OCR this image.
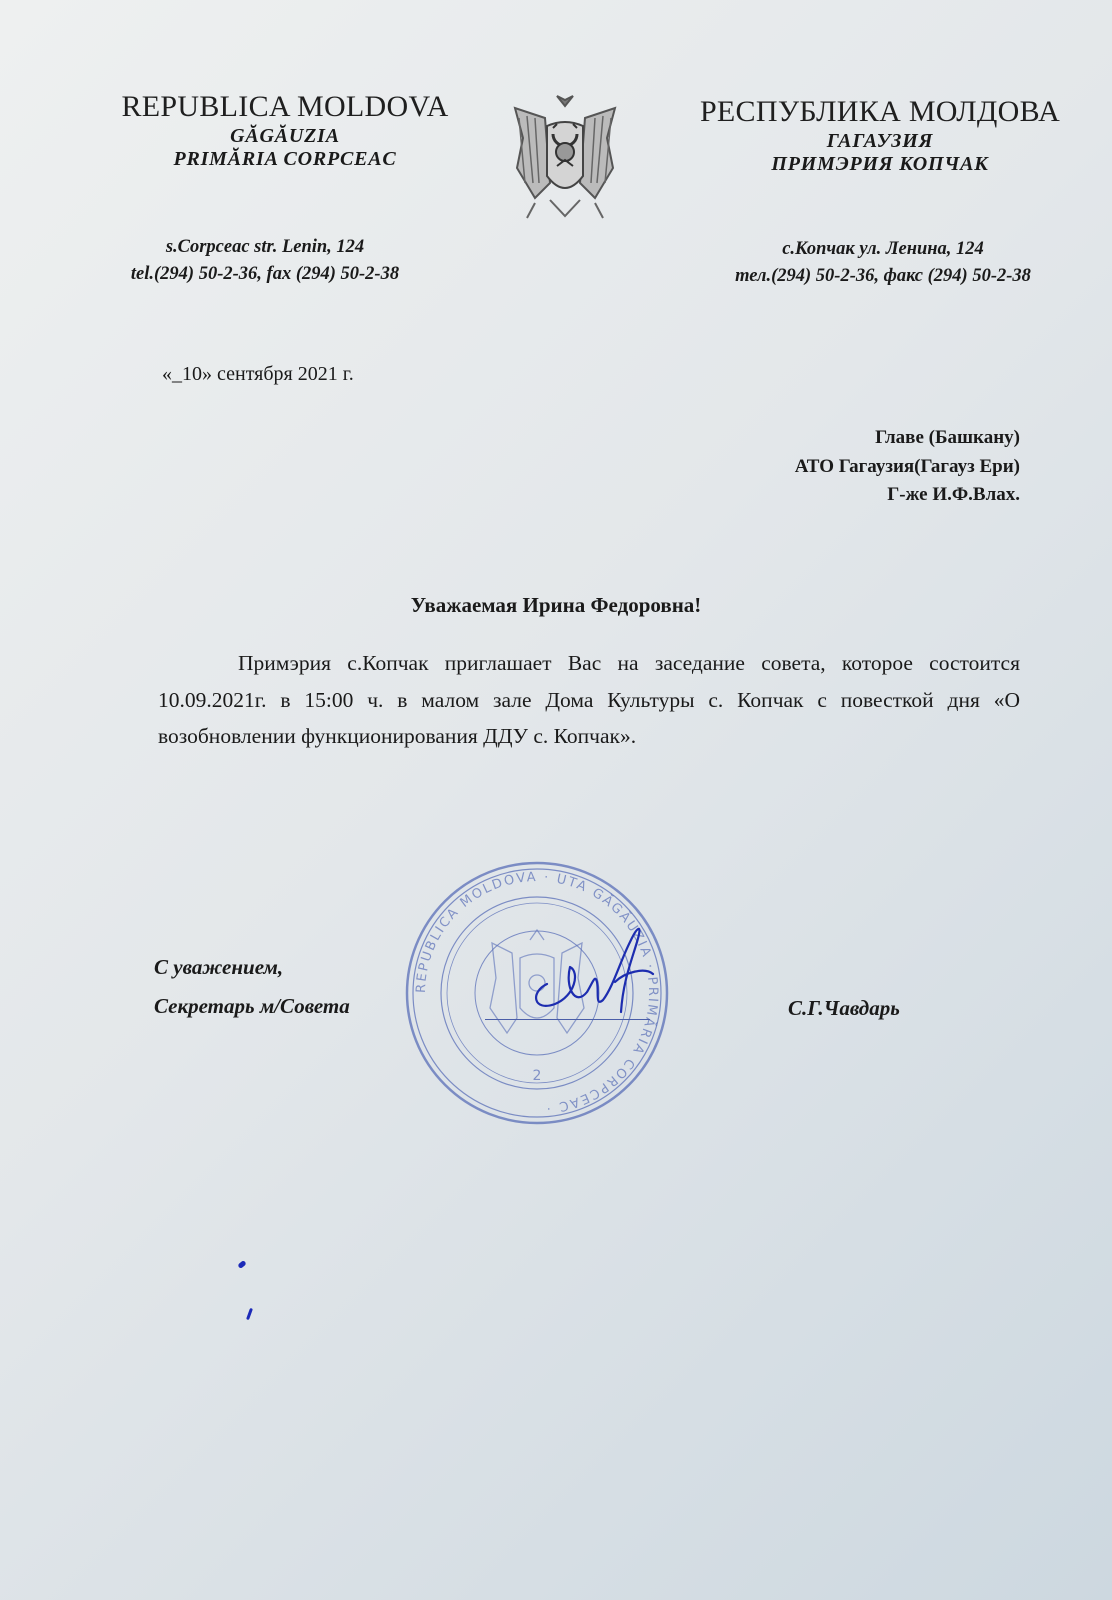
REPUBLICA MOLDOVA
GĂGĂUZIA
PRIMĂRIA CORPCEAC
РЕСПУБЛИКА МОЛДОВА
ГАГАУЗИЯ
ПРИМЭРИЯ КОПЧАК
s.Corpceac str. Lenin, 124
tel.(294) 50-2-36, fax (294) 50-2-38
с.Копчак ул. Ленина, 124
тел.(294) 50-2-36, факс (294) 50-2-38
«_10» сентября 2021 г.
Главе (Башкану)
АТО Гагаузия(Гагауз Ери)
Г-же И.Ф.Влах.
Уважаемая Ирина Федоровна!
Примэрия с.Копчак приглашает Вас на заседание совета, которое состоится 10.09.2021г. в 15:00 ч. в малом зале Дома Культуры с. Копчак с повесткой дня «О возобновлении функционирования ДДУ с. Копчак».
REPUBLICA MOLDOVA · UTA GĂGĂUZIA · PRIMĂRIA CORPCEAC ·
2
С уважением,
Секретарь м/Совета	С.Г.Чавдарь
